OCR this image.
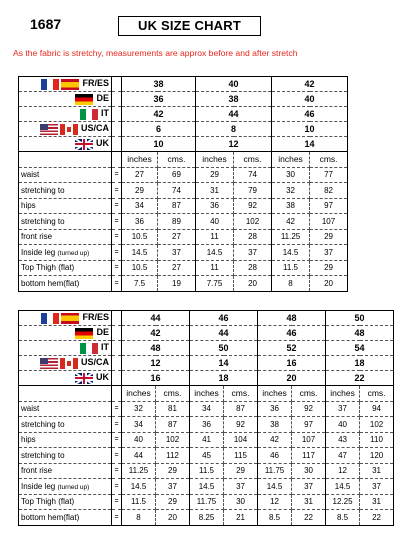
1687	UK SIZE CHART
As the fabric is stretchy, measurements are approx before and after stretch
FR/ES		38		40		42	

DE		36		38		40	

IT		42		44		46	

US/CA		6		8		10	

UK		10		12		14	
		inches	cms.	inches	cms.	inches	cms.
waist	=	27	69	29	74	30	77
stretching to	=	29	74	31	79	32	82
hips	=	34	87	36	92	38	97
stretching to	=	36	89	40	102	42	107
front rise	=	10.5	27	11	28	11.25	29
Inside leg (turned up)	=	14.5	37	14.5	37	14.5	37
Top Thigh (flat)	=	10.5	27	11	28	11.5	29
bottom hem(flat)	=	7.5	19	7.75	20	8	20
FR/ES		44		46		48		50	

DE		42		44		46		48	

IT		48		50		52		54	

US/CA		12		14		16		18	

UK		16		18		20		22	
		inches	cms.	inches	cms.	inches	cms.	inches	cms.
waist	=	32	81	34	87	36	92	37	94
stretching to	=	34	87	36	92	38	97	40	102
hips	=	40	102	41	104	42	107	43	110
stretching to	=	44	112	45	115	46	117	47	120
front rise	=	11.25	29	11.5	29	11.75	30	12	31
Inside leg (turned up)	=	14.5	37	14.5	37	14.5	37	14.5	37
Top Thigh (flat)	=	11.5	29	11.75	30	12	31	12.25	31
bottom hem(flat)	=	8	20	8.25	21	8.5	22	8.5	22
